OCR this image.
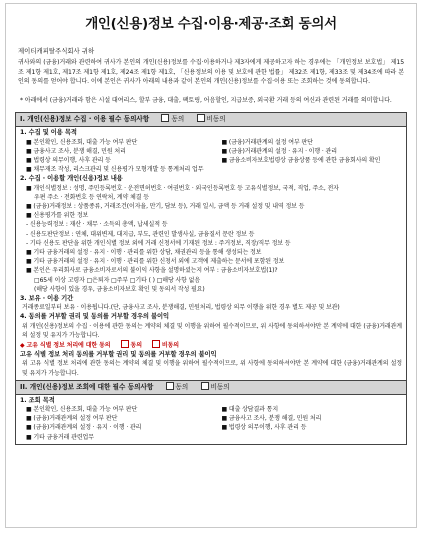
개인(신용)정보 수집·이용·제공·조회 동의서
제이티캐피탈주식회사 귀하
귀사와의 (금융)거래와 관련하여 귀사가 본인의 개인(신용)정보를 수집·이용하거나 제3자에게 제공하고자 하는 경우에는 「개인정보 보호법」 제15조 제1항 제1호, 제17조 제1항 제1호, 제24조 제1항 제1호, 「신용정보의 이용 및 보호에 관한 법률」 제32조 제1항, 제33조 및 제34조에 따라 본인의 동의를 얻어야 합니다. 이에 본인은 귀사가 아래의 내용과 같이 본인의 개인(신용)정보를 수집·이용 또는 조회하는 것에 동의합니다.
* 아래에서 (금융)거래라 함은 시설 대여리스, 할부 금융, 대출, 팩토링, 어음할인, 지급보증, 외국환 거래 등의 여신과 관련된 거래를 의미합니다.
I. 개인(신용)정보 수집 · 이용 필수 동의사항	동의	비동의
1. 수집 및 이용 목적
■ 본인확인, 신용조회, 대출 가능 여부 판단	■ (금융)거래관계의 설정 여부 판단
■ 금융사고 조사, 분쟁 해결, 민원 처리	■ (금융)거래관계의 설정 · 유지 · 이행 · 관리
■ 법령상 의무이행, 사후 관리 등	■ 금융소비자보호법령상 금융상품 등에 관한 금융회사의 확인
■ 채무재조 작성, 리스크관리 및 신용평가 모형개발 등 통계처리 업무
2. 수집 · 이용할 개인(신용)정보 내용
■ 개인식별정보 : 성명, 주민등록번호 · 운전면허번호 · 여권번호 · 외국인등록번호 등 고유식별정보, 국적, 직업, 주소, 전자
우편 주소 · 전화번호 등 연락처, 계약 체결 등
■ (금융)거래정보 : 상품종류, 거래조건(이자율, 만기, 담보 등), 거래 일시, 금액 등 거래 설정 및 내역 정보 등
■ 신용평가를 위한 정보
- 신용능력정보 : 재산 · 채무 · 소득의 총액, 납세실적 등
- 신용도판단정보 : 연체, 대위변제, 대지급, 부도, 관련인 발생사실, 금융질서 문란 정보 등
- 기타 신용도 판단을 위한 개인식별 정보 외에 거래 신청서에 기재된 정보 : 주거정보, 직장/직무 정보 등
■ 기타 금융거래의 설정 · 유지 · 이행 · 관리를 위한 상담, 채권관리 등을 통해 생성되는 정보
■ 기타 금융거래의 설정 · 유지 · 이행 · 관리를 위한 신청서 외에 고객에 제출하는 문서에 포함된 정보
■ 본인은 우리회사로 금융소비자로서의 불이익 사항을 설명하셨는지 여부 : 금융소비자보호법(1)?
□65세 이상 고령자 □은퇴자 □주부 □기타 ( ) □해당 사항 없음
(해당 사항이 있을 경우, 금융소비자보호 확인 및 동의서 작성 필요)
3. 보유 · 이용 기간
거래종료일부터 보유 · 이용됩니다.(단, 금융사고 조사, 분쟁해결, 민원처리, 법령상 의무 이행을 위한 경우 별도 제공 및 보관)
4. 동의를 거부할 권리 및 동의를 거부할 경우의 불이익
위 개인(신용)정보의 수집 · 이용에 관한 동의는 계약의 체결 및 이행을 위하여 필수적이므로, 위 사항에 동의하셔야만 본 계약에 대한 (금융)거래관계의 설정 및 유지가 가능합니다.
◆ 고유 식별 정보 처리에 대한 동의	동의	비동의
고유 식별 정보 처리 동의를 거부할 권리 및 동의를 거부할 경우의 불이익
위 고유 식별 정보 처리에 관한 동의는 계약의 체결 및 이행을 위하여 필수적이므로, 위 사항에 동의하셔야만 본 계약에 대한 (금융)거래관계의 설정 및 유지가 가능합니다.
II. 개인(신용)정보 조회에 대한 필수 동의사항	동의	비동의
1. 조회 목적
■ 본인확인, 신용조회, 대출 가능 여부 판단	■ 대출 상담결과 통지
■ (금융)거래관계의 설정 여부 판단	■ 금융사고 조사, 분쟁 해결, 민원 처리
■ (금융)거래관계의 설정 · 유지 · 이행 · 관리	■ 법령상 의무이행, 사후 관리 등
■ 기타 금융거래 관련업무
